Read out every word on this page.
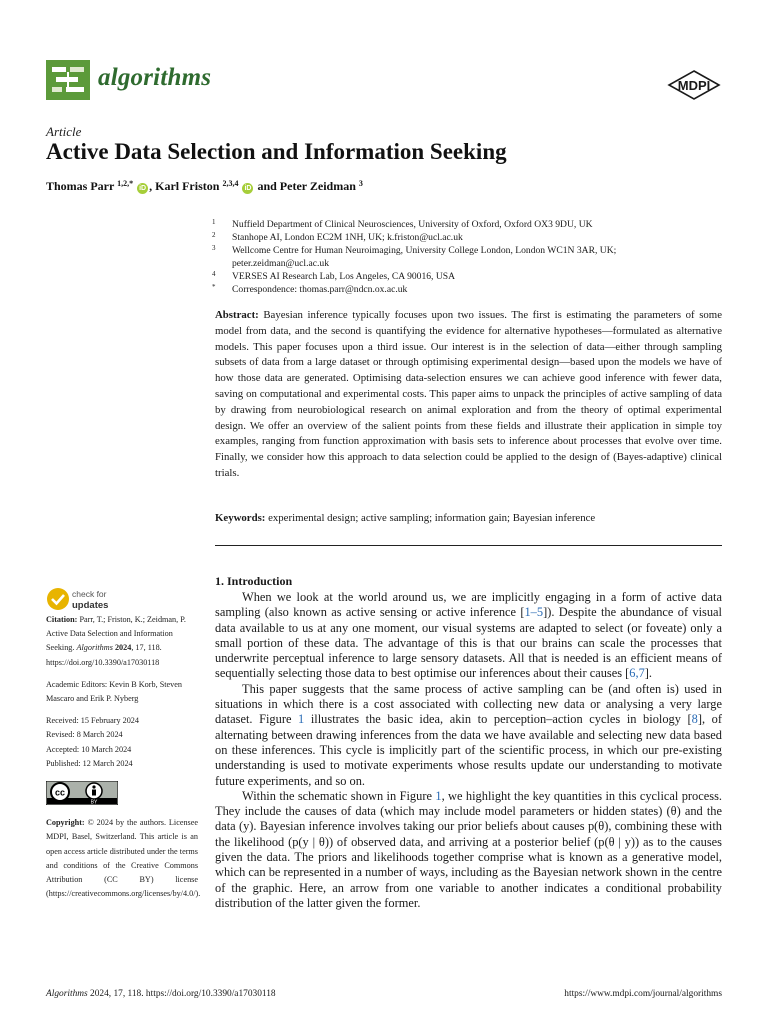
algorithms	MDPI
Article
Active Data Selection and Information Seeking
Thomas Parr $^{1,2,*}$ iD , Karl Friston $^{2,3,4}$ iD and Peter Zeidman $^3$
1 Nuffield Department of Clinical Neurosciences, University of Oxford, Oxford OX3 9DU, UK
2 Stanhope AI, London EC2M 1NH, UK; k.friston@ucl.ac.uk
3 Wellcome Centre for Human Neuroimaging, University College London, London WC1N 3AR, UK;
peter.zeidman@ucl.ac.uk
4 VERSES AI Research Lab, Los Angeles, CA 90016, USA
* Correspondence: thomas.parr@ndcn.ox.ac.uk
Abstract: Bayesian inference typically focuses upon two issues. The first is estimating the parameters of some model from data, and the second is quantifying the evidence for alternative hypotheses—formulated as alternative models. This paper focuses upon a third issue. Our interest is in the selection of data—either through sampling subsets of data from a large dataset or through optimising experimental design—based upon the models we have of how those data are generated. Optimising data-selection ensures we can achieve good inference with fewer data, saving on computational and experimental costs. This paper aims to unpack the principles of active sampling of data by drawing from neurobiological research on animal exploration and from the theory of optimal experimental design. We offer an overview of the salient points from these fields and illustrate their application in simple toy examples, ranging from function approximation with basis sets to inference about processes that evolve over time. Finally, we consider how this approach to data selection could be applied to the design of (Bayes-adaptive) clinical trials.
Keywords: experimental design; active sampling; information gain; Bayesian inference
check for
updates
Citation: Parr, T.; Friston, K.; Zeidman, P. Active Data Selection and Information Seeking. Algorithms 2024, 17, 118. https://doi.org/10.3390/a17030118
Academic Editors: Kevin B Korb, Steven Mascaro and Erik P. Nyberg
Received: 15 February 2024
Revised: 8 March 2024
Accepted: 10 March 2024
Published: 12 March 2024
cc
BY
Copyright: © 2024 by the authors. Licensee MDPI, Basel, Switzerland. This article is an open access article distributed under the terms and conditions of the Creative Commons Attribution (CC BY) license (https://creativecommons.org/licenses/by/4.0/).
1. Introduction

When we look at the world around us, we are implicitly engaging in a form of active data sampling (also known as active sensing or active inference [1–5]). Despite the abundance of visual data available to us at any one moment, our visual systems are adapted to select (or foveate) only a small portion of these data. The advantage of this is that our brains can scale the processes that underwrite perceptual inference to large sensory datasets. All that is needed is an efficient means of sequentially selecting those data to best optimise our inferences about their causes [6,7].

This paper suggests that the same process of active sampling can be (and often is) used in situations in which there is a cost associated with collecting new data or analysing a very large dataset. Figure 1 illustrates the basic idea, akin to perception–action cycles in biology [8], of alternating between drawing inferences from the data we have available and selecting new data based on these inferences. This cycle is implicitly part of the scientific process, in which our pre-existing understanding is used to motivate experiments whose results update our understanding to motivate future experiments, and so on.

Within the schematic shown in Figure 1, we highlight the key quantities in this cyclical process. They include the causes of data (which may include model parameters or hidden states) (θ) and the data (y). Bayesian inference involves taking our prior beliefs about causes p(θ), combining these with the likelihood (p(y | θ)) of observed data, and arriving at a posterior belief (p(θ | y)) as to the causes given the data. The priors and likelihoods together comprise what is known as a generative model, which can be represented in a number of ways, including as the Bayesian network shown in the centre of the graphic. Here, an arrow from one variable to another indicates a conditional probability distribution of the latter given the former.

Algorithms 2024, 17, 118. https://doi.org/10.3390/a17030118	https://www.mdpi.com/journal/algorithms
